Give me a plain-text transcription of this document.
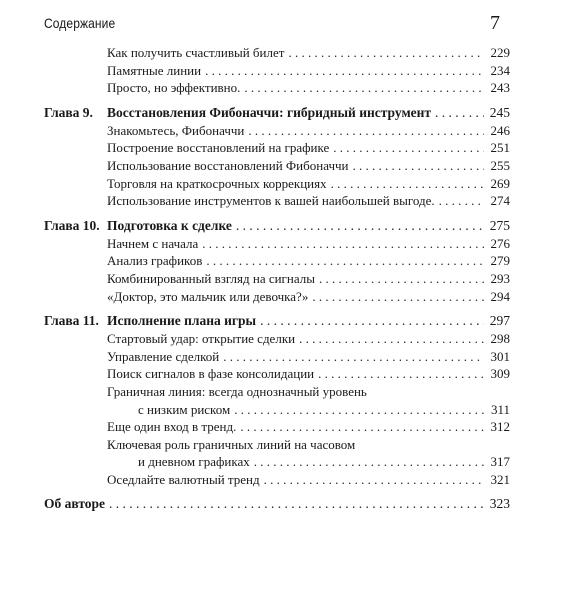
Содержание	7
Как получить счастливый билет . . .	229
Памятные линии . . .	234
Просто, но эффективно. . . .	243
Глава 9. Восстановления Фибоначчи: гибридный инструмент . . .	245
Знакомьтесь, Фибоначчи . . .	246
Построение восстановлений на графике . . .	251
Использование восстановлений Фибоначчи . . .	255
Торговля на краткосрочных коррекциях . . .	269
Использование инструментов к вашей наибольшей выгоде. . . .	274
Глава 10. Подготовка к сделке . . .	275
Начнем с начала . . .	276
Анализ графиков . . .	279
Комбинированный взгляд на сигналы . . .	293
«Доктор, это мальчик или девочка?» . . .	294
Глава 11. Исполнение плана игры . . .	297
Стартовый удар: открытие сделки . . .	298
Управление сделкой . . .	301
Поиск сигналов в фазе консолидации . . .	309
Граничная линия: всегда однозначный уровень
с низким риском . . .	311
Еще один вход в тренд. . . .	312
Ключевая роль граничных линий на часовом
и дневном графиках . . .	317
Оседлайте валютный тренд . . .	321
Об авторе . . .	323
